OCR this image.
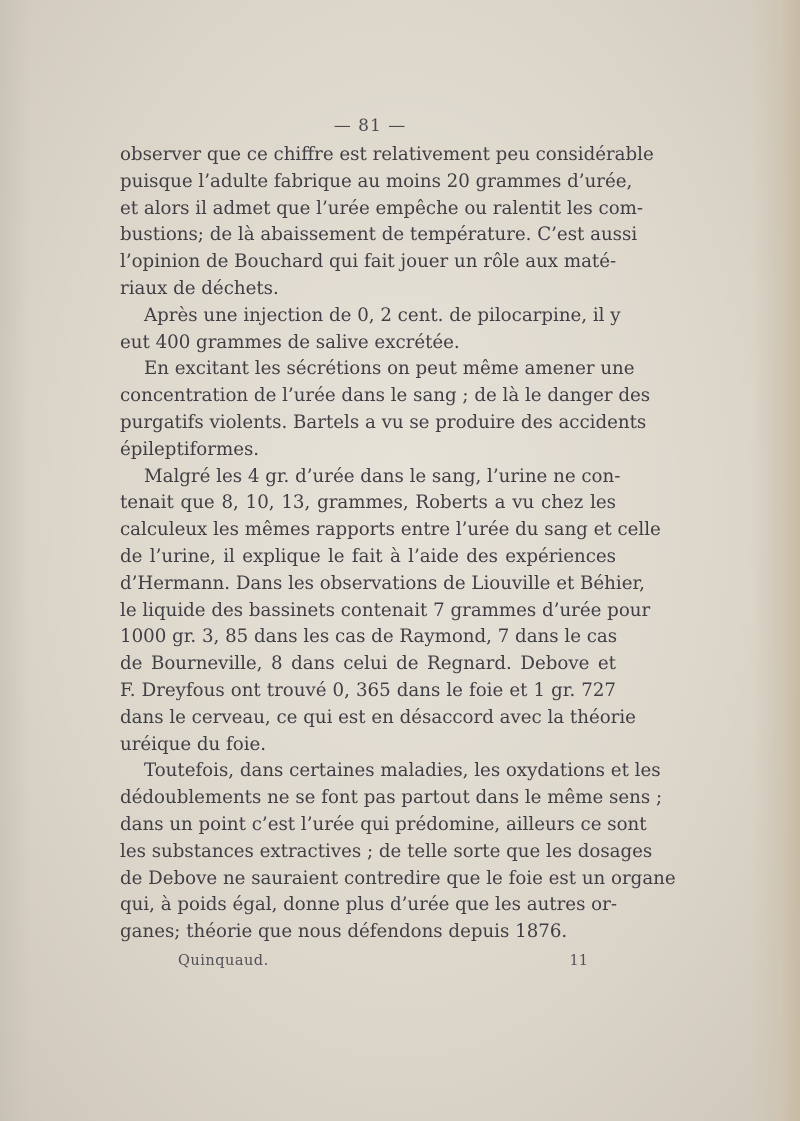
— 81 —
observer que ce chiffre est relativement peu considérable
puisque l’adulte fabrique au moins 20 grammes d’urée,
et alors il admet que l’urée empêche ou ralentit les com-
bustions; de là abaissement de température. C’est aussi
l’opinion de Bouchard qui fait jouer un rôle aux maté-
riaux de déchets.
Après une injection de 0, 2 cent. de pilocarpine, il y
eut 400 grammes de salive excrétée.
En excitant les sécrétions on peut même amener une
concentration de l’urée dans le sang ; de là le danger des
purgatifs violents. Bartels a vu se produire des accidents
épileptiformes.
Malgré les 4 gr. d’urée dans le sang, l’urine ne con-
tenait que 8, 10, 13, grammes, Roberts a vu chez les
calculeux les mêmes rapports entre l’urée du sang et celle
de l’urine, il explique le fait à l’aide des expériences
d’Hermann. Dans les observations de Liouville et Béhier,
le liquide des bassinets contenait 7 grammes d’urée pour
1000 gr. 3, 85 dans les cas de Raymond, 7 dans le cas
de Bourneville, 8 dans celui de Regnard. Debove et
F. Dreyfous ont trouvé 0, 365 dans le foie et 1 gr. 727
dans le cerveau, ce qui est en désaccord avec la théorie
uréique du foie.
Toutefois, dans certaines maladies, les oxydations et les
dédoublements ne se font pas partout dans le même sens ;
dans un point c’est l’urée qui prédomine, ailleurs ce sont
les substances extractives ; de telle sorte que les dosages
de Debove ne sauraient contredire que le foie est un organe
qui, à poids égal, donne plus d’urée que les autres or-
ganes; théorie que nous défendons depuis 1876.
Quinquaud.	11
